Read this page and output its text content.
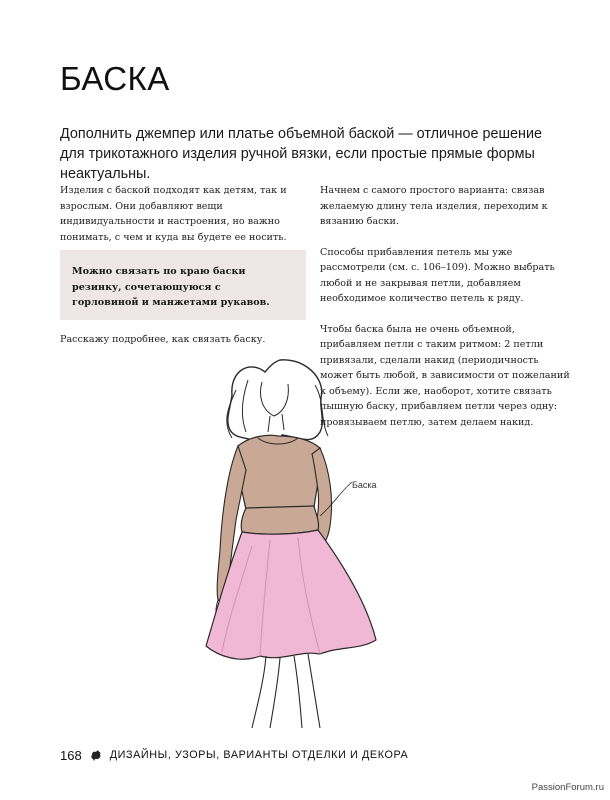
БАСКА

Дополнить джемпер или платье объемной баской — отличное решение для трикотажного изделия ручной вязки, если простые прямые формы неактуальны.

Изделия с баской подходят как детям, так и взрослым. Они добавляют вещи индивидуальности и настроения, но важно понимать, с чем и куда вы будете ее носить.

Можно связать по краю баски резинку, сочетающуюся с горловиной и манжетами рукавов.

Расскажу подробнее, как связать баску.

Начнем с самого простого варианта: связав желаемую длину тела изделия, переходим к вязанию баски.

Способы прибавления петель мы уже рассмотрели (см. с. 106–109). Можно выбрать любой и не закрывая петли, добавляем необходимое количество петель к ряду.

Чтобы баска была не очень объемной, прибавляем петли с таким ритмом: 2 петли привязали, сделали накид (периодичность может быть любой, в зависимости от пожеланий к объему). Если же, наоборот, хотите связать пышную баску, прибавляем петли через одну: провязываем петлю, затем делаем накид.

Баска
168	ДИЗАЙНЫ, УЗОРЫ, ВАРИАНТЫ ОТДЕЛКИ И ДЕКОРА
PassionForum.ru
